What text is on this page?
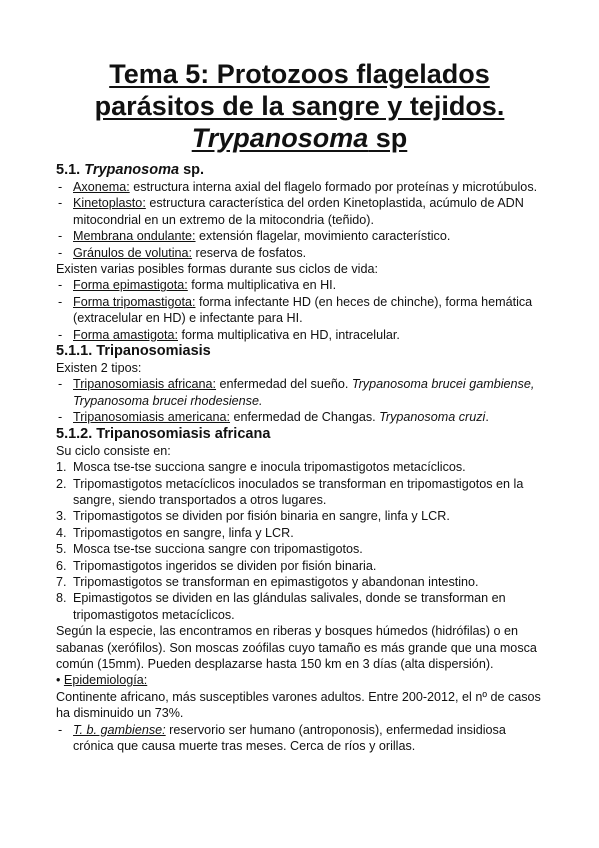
Tema 5: Protozoos flagelados
parásitos de la sangre y tejidos.
Trypanosoma sp
5.1. Trypanosoma sp.
- Axonema: estructura interna axial del flagelo formado por proteínas y microtúbulos.
- Kinetoplasto: estructura característica del orden Kinetoplastida, acúmulo de ADN mitocondrial en un extremo de la mitocondria (teñido).
- Membrana ondulante: extensión flagelar, movimiento característico.
- Gránulos de volutina: reserva de fosfatos.

Existen varias posibles formas durante sus ciclos de vida:

- Forma epimastigota: forma multiplicativa en HI.
- Forma tripomastigota: forma infectante HD (en heces de chinche), forma hemática (extracelular en HD) e infectante para HI.
- Forma amastigota: forma multiplicativa en HD, intracelular.
5.1.1. Tripanosomiasis

Existen 2 tipos:

- Tripanosomiasis africana: enfermedad del sueño. Trypanosoma brucei gambiense, Trypanosoma brucei rhodesiense.
- Tripanosomiasis americana: enfermedad de Changas. Trypanosoma cruzi.
5.1.2. Tripanosomiasis africana

Su ciclo consiste en:

1. Mosca tse-tse succiona sangre e inocula tripomastigotos metacíclicos.
2. Tripomastigotos metacíclicos inoculados se transforman en tripomastigotos en la sangre, siendo transportados a otros lugares.
3. Tripomastigotos se dividen por fisión binaria en sangre, linfa y LCR.
4. Tripomastigotos en sangre, linfa y LCR.
5. Mosca tse-tse succiona sangre con tripomastigotos.
6. Tripomastigotos ingeridos se dividen por fisión binaria.
7. Tripomastigotos se transforman en epimastigotos y abandonan intestino.
8. Epimastigotos se dividen en las glándulas salivales, donde se transforman en tripomastigotos metacíclicos.

Según la especie, las encontramos en riberas y bosques húmedos (hidrófilas) o en sabanas (xerófilos). Son moscas zoófilas cuyo tamaño es más grande que una mosca común (15mm). Pueden desplazarse hasta 150 km en 3 días (alta dispersión).

• Epidemiología:

Continente africano, más susceptibles varones adultos. Entre 200-2012, el nº de casos ha disminuido un 73%.

- T. b. gambiense: reservorio ser humano (antroponosis), enfermedad insidiosa crónica que causa muerte tras meses. Cerca de ríos y orillas.
